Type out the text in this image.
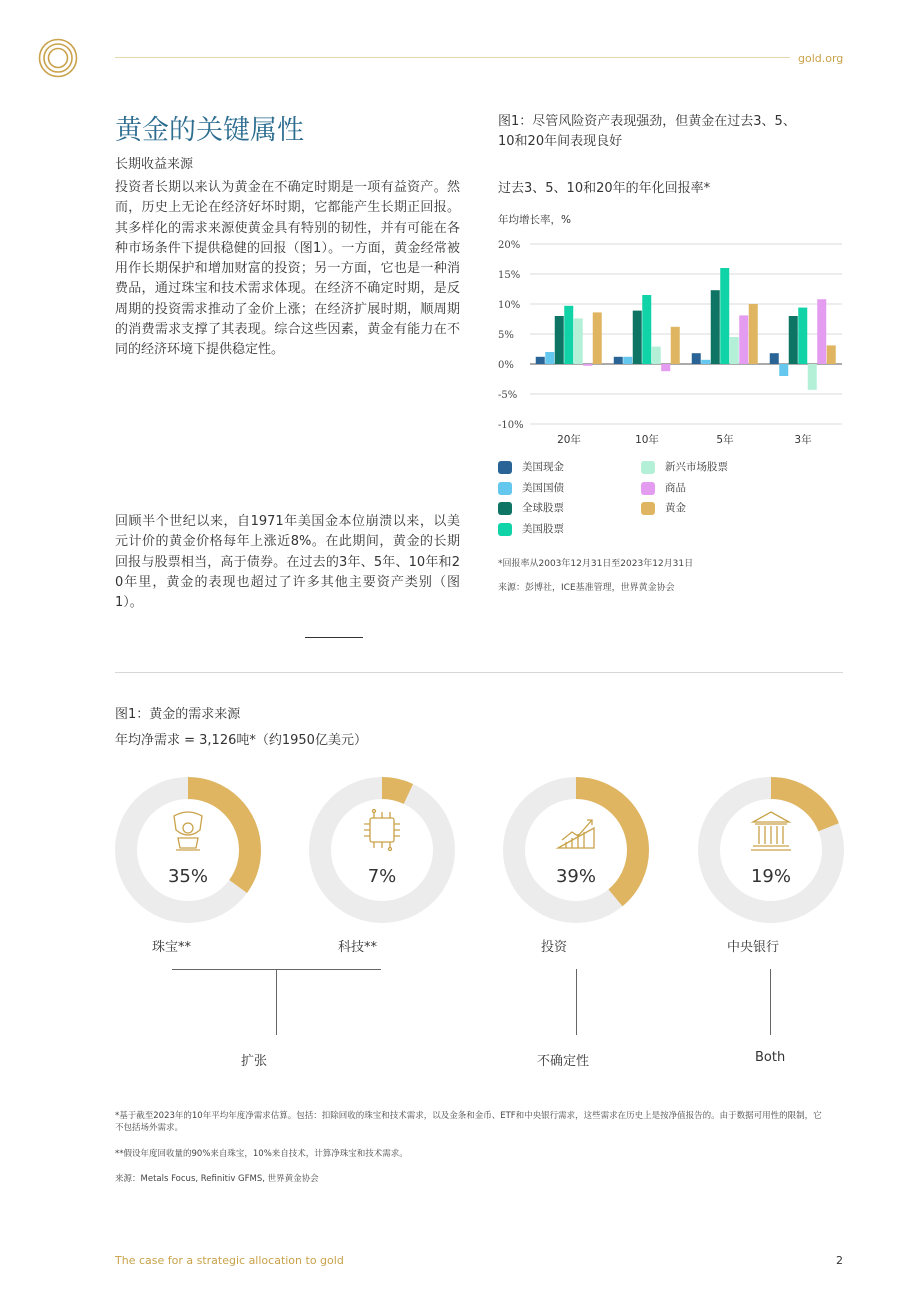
gold.org
黄金的关键属性
长期收益来源
投资者长期以来认为黄金在不确定时期是一项有益资产。然而，历史上无论在经济好坏时期，它都能产生长期正回报。其多样化的需求来源使黄金具有特别的韧性，并有可能在各种市场条件下提供稳健的回报（图1）。一方面，黄金经常被用作长期保护和增加财富的投资；另一方面，它也是一种消费品，通过珠宝和技术需求体现。在经济不确定时期，是反周期的投资需求推动了金价上涨；在经济扩展时期，顺周期的消费需求支撑了其表现。综合这些因素，黄金有能力在不同的经济环境下提供稳定性。
回顾半个世纪以来，自1971年美国金本位崩溃以来，以美元计价的黄金价格每年上涨近8%。在此期间，黄金的长期回报与股票相当，高于债券。在过去的3年、5年、10年和20年里，黄金的表现也超过了许多其他主要资产类别（图1）。
图1：尽管风险资产表现强劲，但黄金在过去3、5、10和20年间表现良好
过去3、5、10和20年的年化回报率*
年均增长率，%
20%
15%
10%
5%
0%
-5%
-10%
20年	10年	5年	3年
美国现金
美国国债
全球股票
美国股票
新兴市场股票
商品
黄金
*回报率从2003年12月31日至2023年12月31日
来源：彭博社，ICE基准管理，世界黄金协会
图1：黄金的需求来源
年均净需求 = 3,126吨*（约1950亿美元）
35%	7%	39%	19%
珠宝**	科技**	投资	中央银行
扩张	不确定性	Both
*基于截至2023年的10年平均年度净需求估算。包括：扣除回收的珠宝和技术需求，以及金条和金币、ETF和中央银行需求，这些需求在历史上是按净值报告的。由于数据可用性的限制，它不包括场外需求。
**假设年度回收量的90%来自珠宝，10%来自技术，计算净珠宝和技术需求。
来源：Metals Focus, Refinitiv GFMS, 世界黄金协会
The case for a strategic allocation to gold	2
